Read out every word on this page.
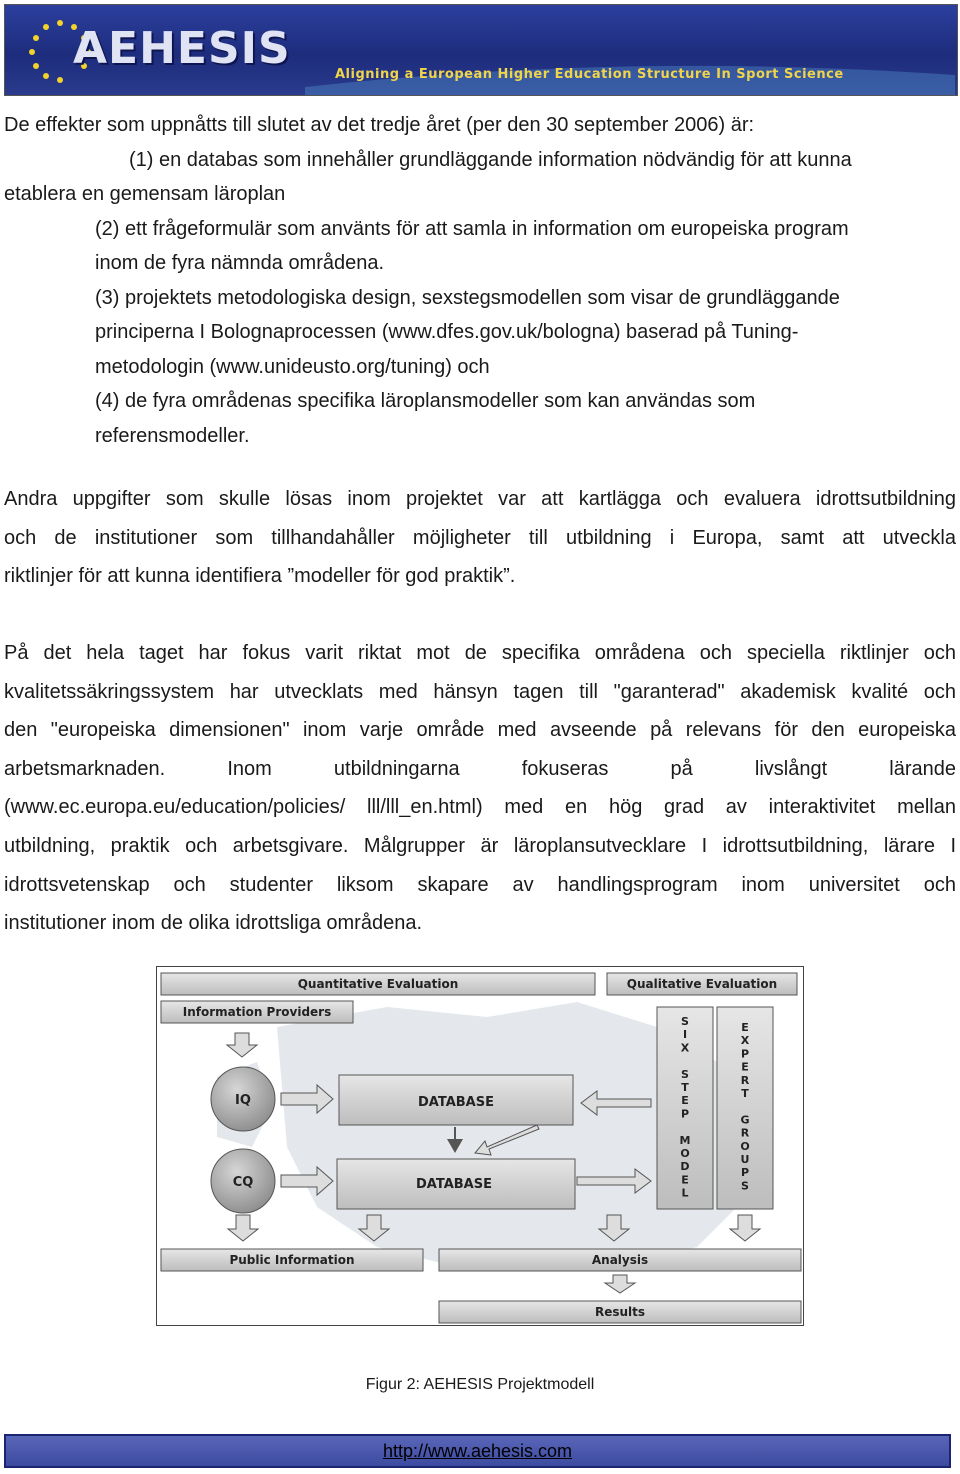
AEHESIS
Aligning a European Higher Education Structure In Sport Science
De effekter som uppnåtts till slutet av det tredje året (per den 30 september 2006) är:
(1) en databas som innehåller grundläggande information nödvändig för att kunna
etablera en gemensam läroplan
(2) ett frågeformulär som använts för att samla in information om europeiska program
inom de fyra nämnda områdena.
(3) projektets metodologiska design, sexstegsmodellen som visar de grundläggande
principerna I Bolognaprocessen (www.dfes.gov.uk/bologna) baserad på Tuning-
metodologin (www.unideusto.org/tuning) och
(4) de fyra områdenas specifika läroplansmodeller som kan användas som
referensmodeller.
Andra uppgifter som skulle lösas inom projektet var att kartlägga och evaluera idrottsutbildning
och de institutioner som tillhandahåller möjligheter till utbildning i Europa, samt att utveckla
riktlinjer för att kunna identifiera ”modeller för god praktik”.
På det hela taget har fokus varit riktat mot de specifika områdena och speciella riktlinjer och
kvalitetssäkringssystem har utvecklats med hänsyn tagen till "garanterad" akademisk kvalité och
den "europeiska dimensionen" inom varje område med avseende på relevans för den europeiska
arbetsmarknaden. Inom utbildningarna fokuseras på livslångt lärande
(www.ec.europa.eu/education/policies/ lll/lll_en.html) med en hög grad av interaktivitet mellan
utbildning, praktik och arbetsgivare. Målgrupper är läroplansutvecklare I idrottsutbildning, lärare I
idrottsvetenskap och studenter liksom skapare av handlingsprogram inom universitet och
institutioner inom de olika idrottsliga områdena.
Quantitative Evaluation	Qualitative Evaluation
Information Providers
IQ
CQ
DATABASE
DATABASE
S
I
X
S
T
E
P
M
O
D
E
L
E
X
P
E
R
T
G
R
O
U
P
S
Public Information	Analysis
Results
Figur 2: AEHESIS Projektmodell
http://www.aehesis.com
